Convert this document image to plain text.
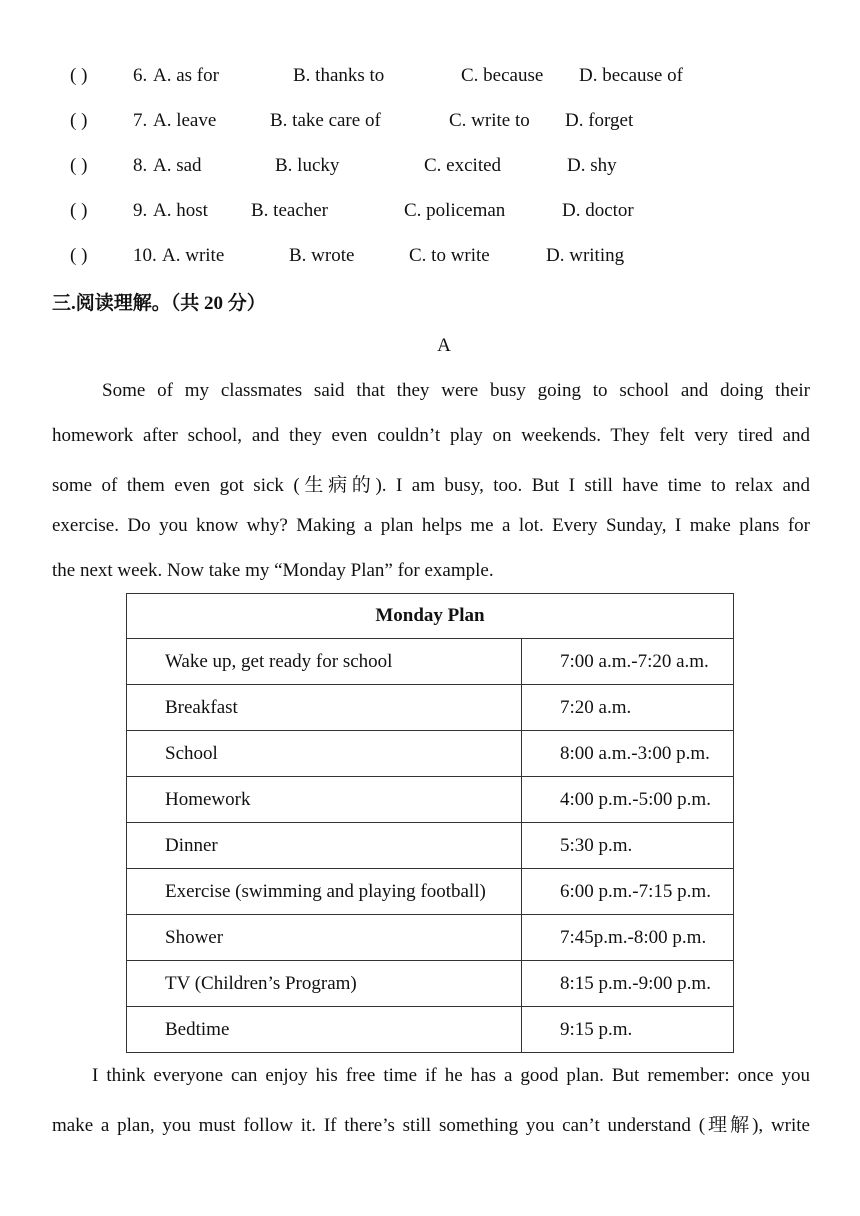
( ) 6. A. as for	B. thanks to	C. because D. because of
( ) 7. A. leave	B. take care of	C. write to D. forget
( ) 8. A. sad	B. lucky	C. excited	D. shy
( ) 9. A. host B. teacher	C. policeman	D. doctor
( ) 10. A. write	B. wrote	C. to write	D. writing
三.阅读理解。（共 20 分）
A
Some of my classmates said that they were busy going to school and doing their
homework after school, and they even couldn’t play on weekends. They felt very tired and
some of them even got sick (生病的). I am busy, too. But I still have time to relax and
exercise. Do you know why? Making a plan helps me a lot. Every Sunday, I make plans for
the next week. Now take my “Monday Plan” for example.
Monday Plan	
Wake up, get ready for school	7:00 a.m.-7:20 a.m.
Breakfast	7:20 a.m.
School	8:00 a.m.-3:00 p.m.
Homework	4:00 p.m.-5:00 p.m.
Dinner	5:30 p.m.
Exercise (swimming and playing football)	6:00 p.m.-7:15 p.m.
Shower	7:45p.m.-8:00 p.m.
TV (Children’s Program)	8:15 p.m.-9:00 p.m.
Bedtime	9:15 p.m.
I think everyone can enjoy his free time if he has a good plan. But remember: once you
make a plan, you must follow it. If there’s still something you can’t understand (理解), write
